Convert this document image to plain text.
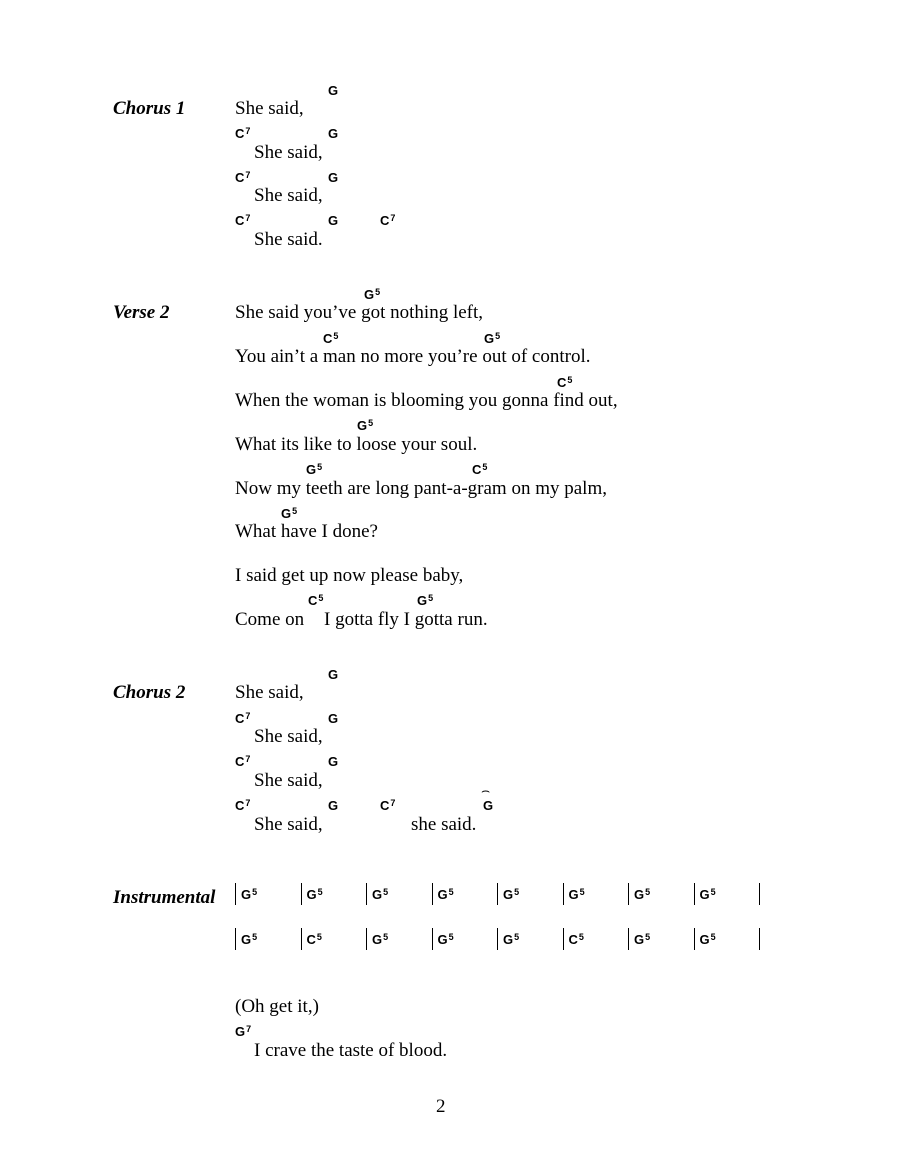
Chorus 1
G
She said,
$C^7$	G
She said,
$C^7$	G
She said,
$C^7$	G	$C^7$
She said.
Verse 2
$G^5$
She said you’ve got nothing left,
$C^5$	$G^5$
You ain’t a man no more you’re out of control.
$C^5$
When the woman is blooming you gonna find out,
$G^5$
What its like to loose your soul.
$G^5$	$C^5$
Now my teeth are long pant-a-gram on my palm,
$G^5$
What have I done?
I said get up now please baby,
$C^5$	$G^5$
Come on I gotta fly I gotta run.
Chorus 2
G
She said,
$C^7$	G
She said,
$C^7$	G
She said,
$C^7$	G	$C^7$
⌢
G
She said,	she said.
Instrumental $G^5$	$G^5$	$G^5$	$G^5$	$G^5$	$G^5$	$G^5$	$G^5$
$G^5$	$C^5$	$G^5$	$G^5$	$G^5$	$C^5$	$G^5$	$G^5$
(Oh get it,)
$G^7$
I crave the taste of blood.
2
